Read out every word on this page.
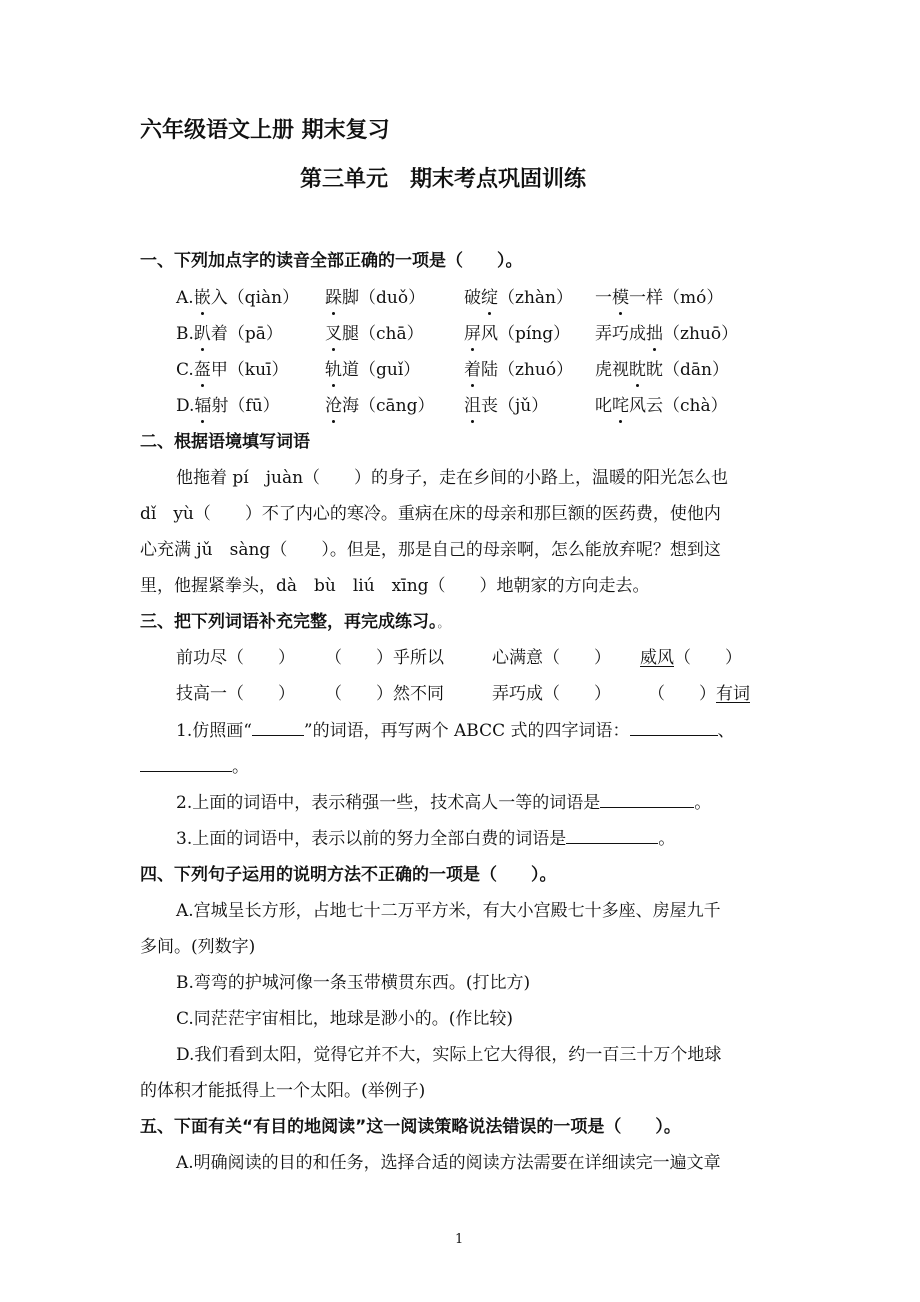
六年级语文上册 期末复习
第三单元　期末考点巩固训练
一、下列加点字的读音全部正确的一项是（　　）。
A.嵌入（qiàn） 跺脚（duǒ） 破绽（zhàn） 一模一样（mó）
B.趴着（pā） 叉腿（chā） 屏风（píng） 弄巧成拙（zhuō）
C.盔甲（kuī） 轨道（guǐ）	着陆（zhuó） 虎视眈眈（dān）
D.辐射（fū）	沧海（cāng） 沮丧（jǔ）	叱咤风云（chà）
二、根据语境填写词语
他拖着 pí　juàn（　　）的身子，走在乡间的小路上，温暖的阳光怎么也
dǐ　yù（　　）不了内心的寒冷。重病在床的母亲和那巨额的医药费，使他内
心充满 jǔ　sàng（　　）。但是，那是自己的母亲啊，怎么能放弃呢？想到这
里，他握紧拳头，dà　bù　liú　xīng（　　）地朝家的方向走去。
三、把下列词语补充完整，再完成练习。。
前功尽（　　） （　　）乎所以	心满意（　　） 威风（　　）
技高一（　　） （　　）然不同	弄巧成（　　） （　　）有词
1.仿照画“	”的词语，再写两个 ABCC 式的四字词语：	、
。
2.上面的词语中，表示稍强一些，技术高人一等的词语是	。
3.上面的词语中，表示以前的努力全部白费的词语是	。
四、下列句子运用的说明方法不正确的一项是（　　）。
A.宫城呈长方形，占地七十二万平方米，有大小宫殿七十多座、房屋九千
多间。(列数字)
B.弯弯的护城河像一条玉带横贯东西。(打比方)
C.同茫茫宇宙相比，地球是渺小的。(作比较)
D.我们看到太阳，觉得它并不大，实际上它大得很，约一百三十万个地球
的体积才能抵得上一个太阳。(举例子)
五、下面有关“有目的地阅读”这一阅读策略说法错误的一项是（　　）。
A.明确阅读的目的和任务，选择合适的阅读方法需要在详细读完一遍文章
1
